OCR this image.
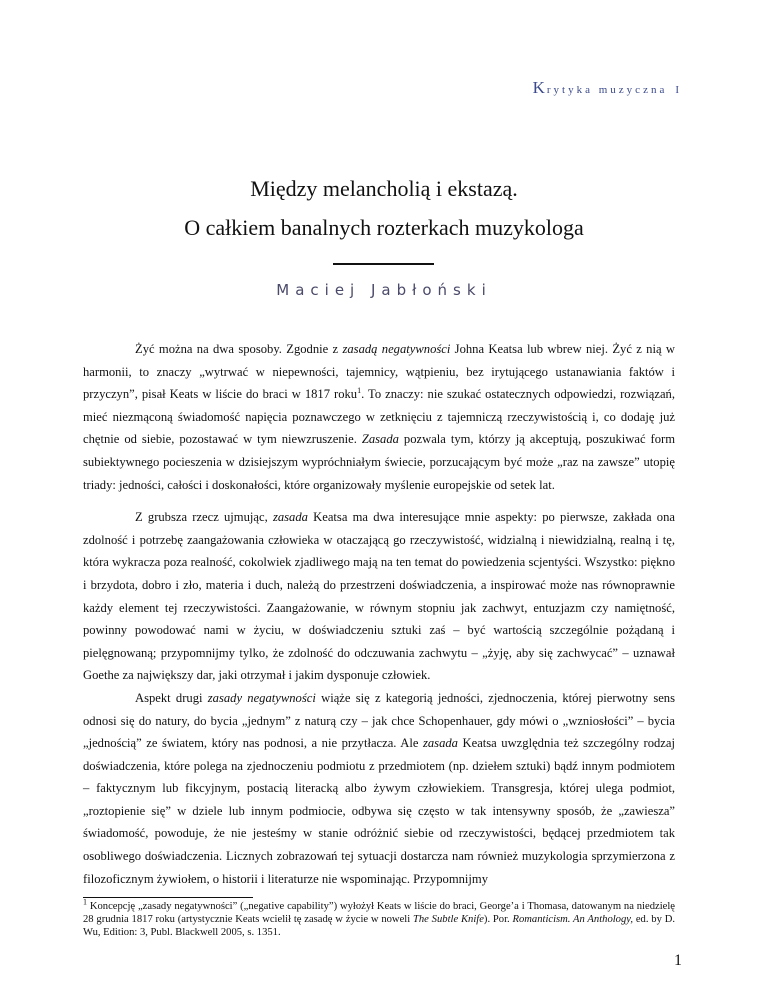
Krytyka muzyczna I
Między melancholią i ekstazą.
O całkiem banalnych rozterkach muzykologa
Maciej Jabłoński

Żyć można na dwa sposoby. Zgodnie z zasadą negatywności Johna Keatsa lub wbrew niej. Żyć z nią w harmonii, to znaczy „wytrwać w niepewności, tajemnicy, wątpieniu, bez irytującego ustanawiania faktów i przyczyn”, pisał Keats w liście do braci w 1817 roku$^1$. To znaczy: nie szukać ostatecznych odpowiedzi, rozwiązań, mieć niezmąconą świadomość napięcia poznawczego w zetknięciu z tajemniczą rzeczywistością i, co dodaję już chętnie od siebie, pozostawać w tym niewzruszenie. Zasada pozwala tym, którzy ją akceptują, poszukiwać form subiektywnego pocieszenia w dzisiejszym wypróchniałym świecie, porzucającym być może „raz na zawsze” utopię triady: jedności, całości i doskonałości, które organizowały myślenie europejskie od setek lat.

Z grubsza rzecz ujmując, zasada Keatsa ma dwa interesujące mnie aspekty: po pierwsze, zakłada ona zdolność i potrzebę zaangażowania człowieka w otaczającą go rzeczywistość, widzialną i niewidzialną, realną i tę, która wykracza poza realność, cokolwiek zjadliwego mają na ten temat do powiedzenia scjentyści. Wszystko: piękno i brzydota, dobro i zło, materia i duch, należą do przestrzeni doświadczenia, a inspirować może nas równoprawnie każdy element tej rzeczywistości. Zaangażowanie, w równym stopniu jak zachwyt, entuzjazm czy namiętność, powinny powodować nami w życiu, w doświadczeniu sztuki zaś – być wartością szczególnie pożądaną i pielęgnowaną; przypomnijmy tylko, że zdolność do odczuwania zachwytu – „żyję, aby się zachwycać” – uznawał Goethe za największy dar, jaki otrzymał i jakim dysponuje człowiek.

Aspekt drugi zasady negatywności wiąże się z kategorią jedności, zjednoczenia, której pierwotny sens odnosi się do natury, do bycia „jednym” z naturą czy – jak chce Schopenhauer, gdy mówi o „wzniosłości” – bycia „jednością” ze światem, który nas podnosi, a nie przytłacza. Ale zasada Keatsa uwzględnia też szczególny rodzaj doświadczenia, które polega na zjednoczeniu podmiotu z przedmiotem (np. dziełem sztuki) bądź innym podmiotem – faktycznym lub fikcyjnym, postacią literacką albo żywym człowiekiem. Transgresja, której ulega podmiot, „roztopienie się” w dziele lub innym podmiocie, odbywa się często w tak intensywny sposób, że „zawiesza” świadomość, powoduje, że nie jesteśmy w stanie odróżnić siebie od rzeczywistości, będącej przedmiotem tak osobliwego doświadczenia. Licznych zobrazowań tej sytuacji dostarcza nam również muzykologia sprzymierzona z filozoficznym żywiołem, o historii i literaturze nie wspominając. Przypomnijmy

$^1$ Koncepcję „zasady negatywności” („negative capability”) wyłożył Keats w liście do braci, George’a i Thomasa, datowanym na niedzielę 28 grudnia 1817 roku (artystycznie Keats wcielił tę zasadę w życie w noweli The Subtle Knife). Por. Romanticism. An Anthology, ed. by D. Wu, Edition: 3, Publ. Blackwell 2005, s. 1351.
1
